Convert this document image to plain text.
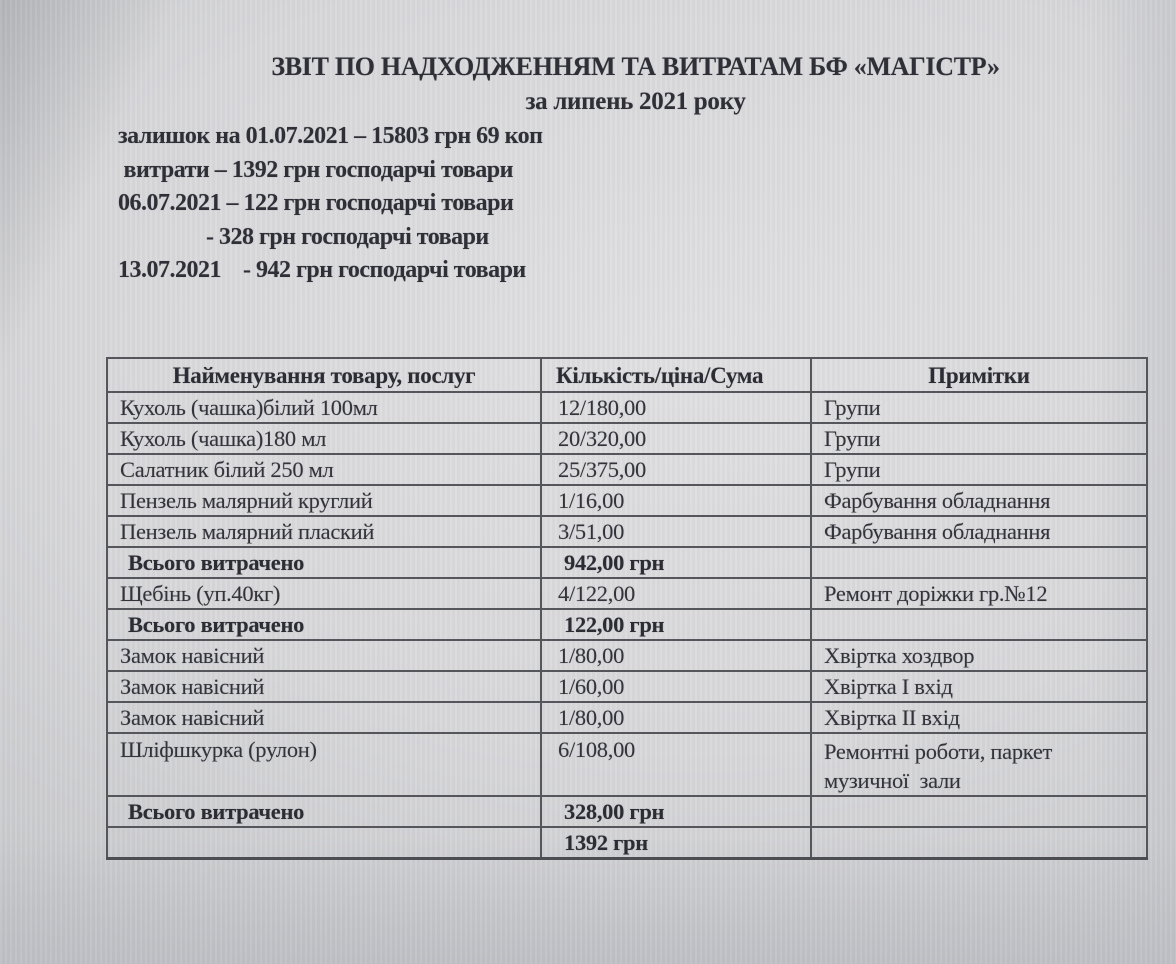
ЗВІТ ПО НАДХОДЖЕННЯМ ТА ВИТРАТАМ БФ «МАГІСТР»
за липень 2021 року
залишок на 01.07.2021 – 15803 грн 69 коп
витрати – 1392 грн господарчі товари
06.07.2021 – 122 грн господарчі товари
- 328 грн господарчі товари
13.07.2021    - 942 грн господарчі товари
Найменування товару, послуг	Кількість/ціна/Сума	Примітки
Кухоль (чашка)білий 100мл	12/180,00	Групи
Кухоль (чашка)180 мл	20/320,00	Групи
Салатник білий 250 мл	25/375,00	Групи
Пензель малярний круглий	1/16,00	Фарбування обладнання
Пензель малярний плаский	3/51,00	Фарбування обладнання
Всього витрачено	942,00 грн	
Щебінь (уп.40кг)	4/122,00	Ремонт доріжки гр.№12
Всього витрачено	122,00 грн	
Замок навісний	1/80,00	Хвіртка хоздвор
Замок навісний	1/60,00	Хвіртка I вхід
Замок навісний	1/80,00	Хвіртка II вхід
Шліфшкурка (рулон)	6/108,00	Ремонтні роботи, паркет музичної  зали
Всього витрачено	328,00 грн	
	1392 грн	
